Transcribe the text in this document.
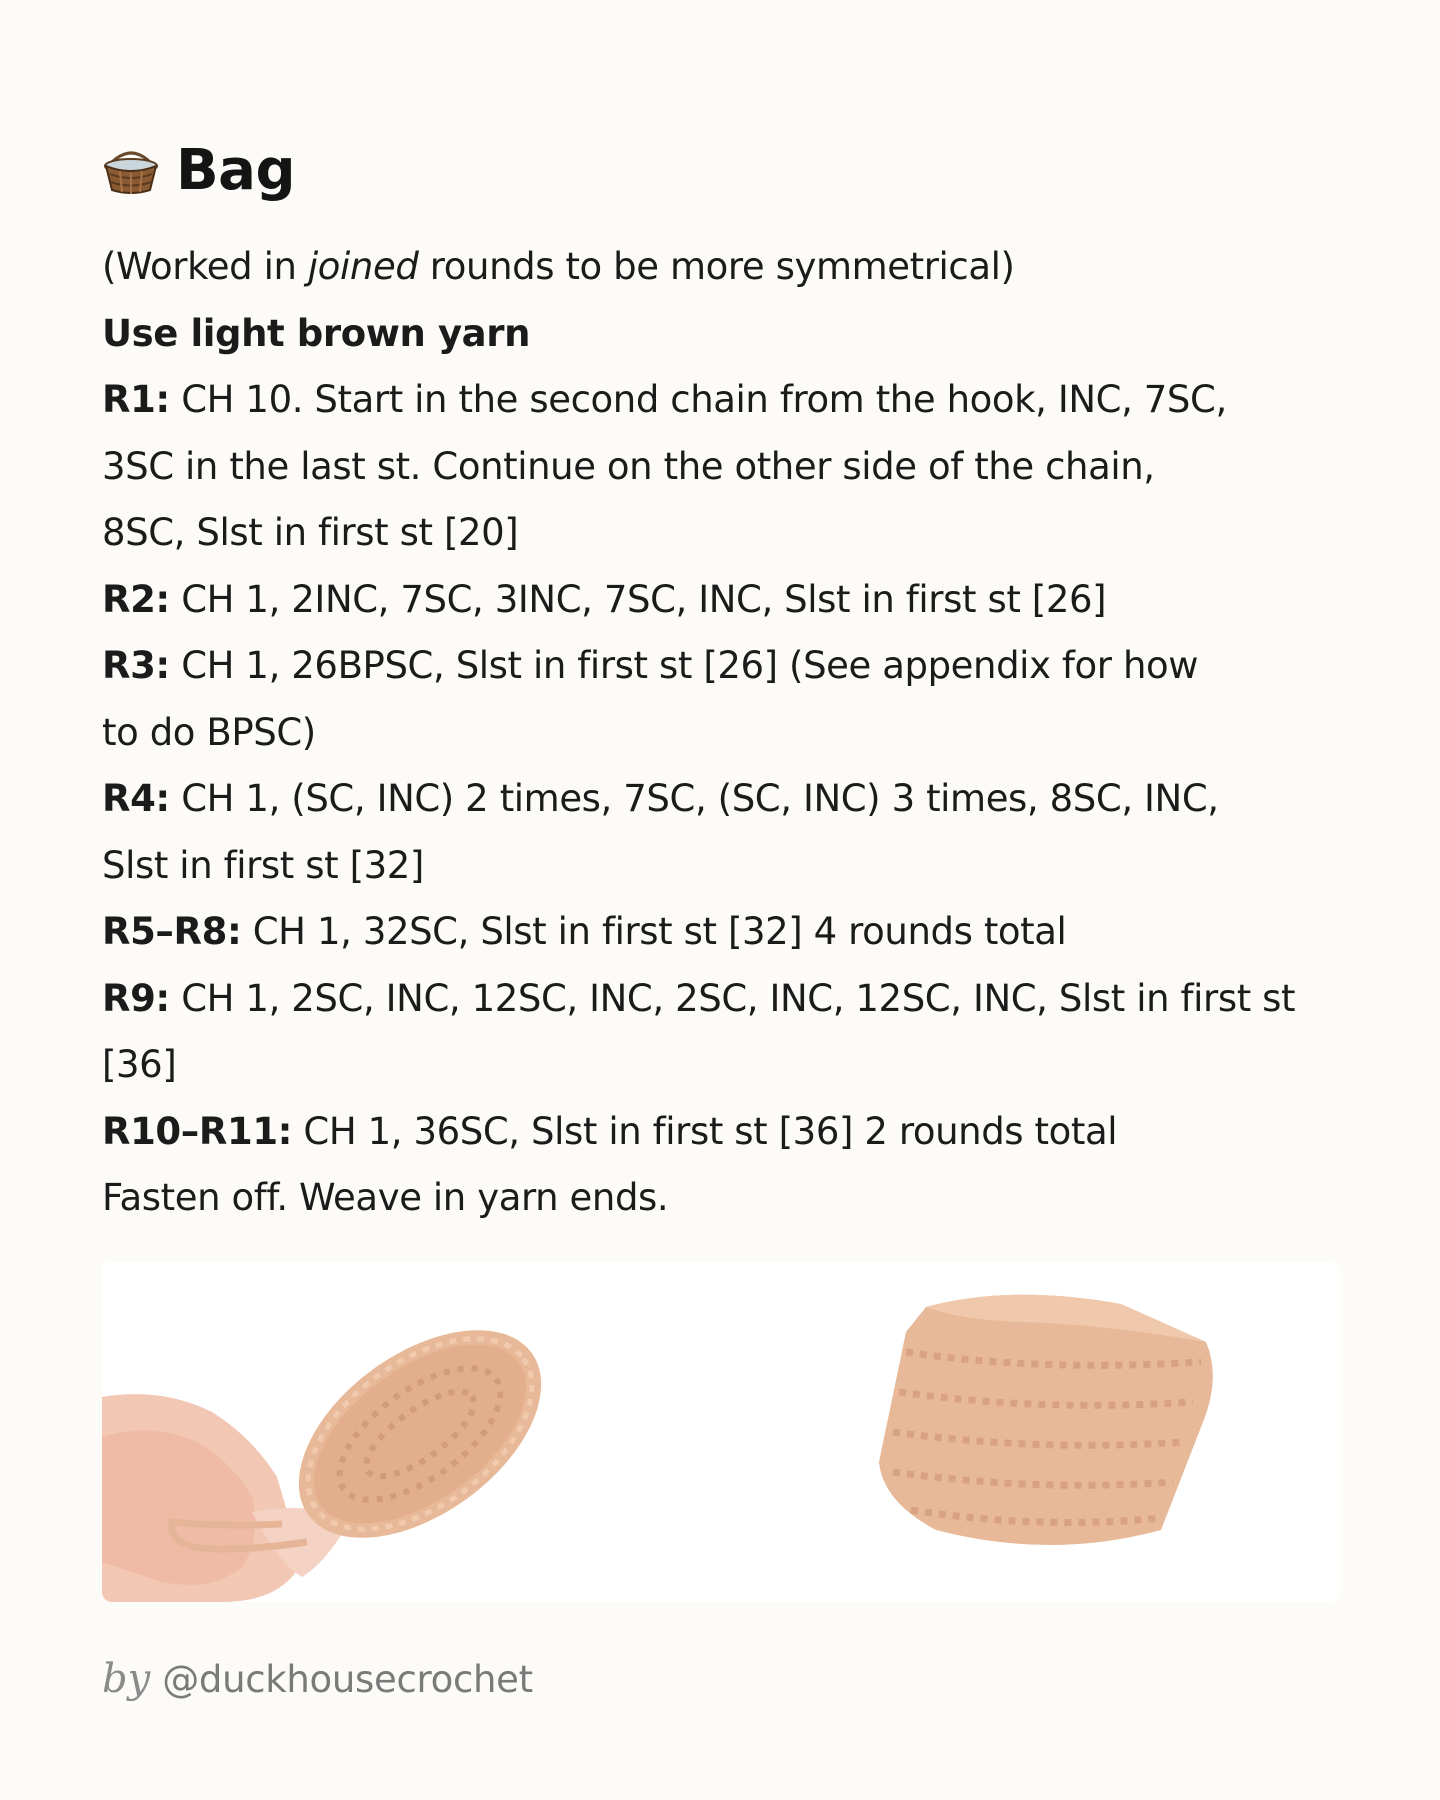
Bag
(Worked in joined rounds to be more symmetrical)
Use light brown yarn
R1: CH 10. Start in the second chain from the hook, INC, 7SC,
3SC in the last st. Continue on the other side of the chain,
8SC, Slst in first st [20]
R2: CH 1, 2INC, 7SC, 3INC, 7SC, INC, Slst in first st [26]
R3: CH 1, 26BPSC, Slst in first st [26] (See appendix for how
to do BPSC)
R4: CH 1, (SC, INC) 2 times, 7SC, (SC, INC) 3 times, 8SC, INC,
Slst in first st [32]
R5–R8: CH 1, 32SC, Slst in first st [32] 4 rounds total
R9: CH 1, 2SC, INC, 12SC, INC, 2SC, INC, 12SC, INC, Slst in first st
[36]
R10–R11: CH 1, 36SC, Slst in first st [36] 2 rounds total
Fasten off. Weave in yarn ends.
by @duckhousecrochet
